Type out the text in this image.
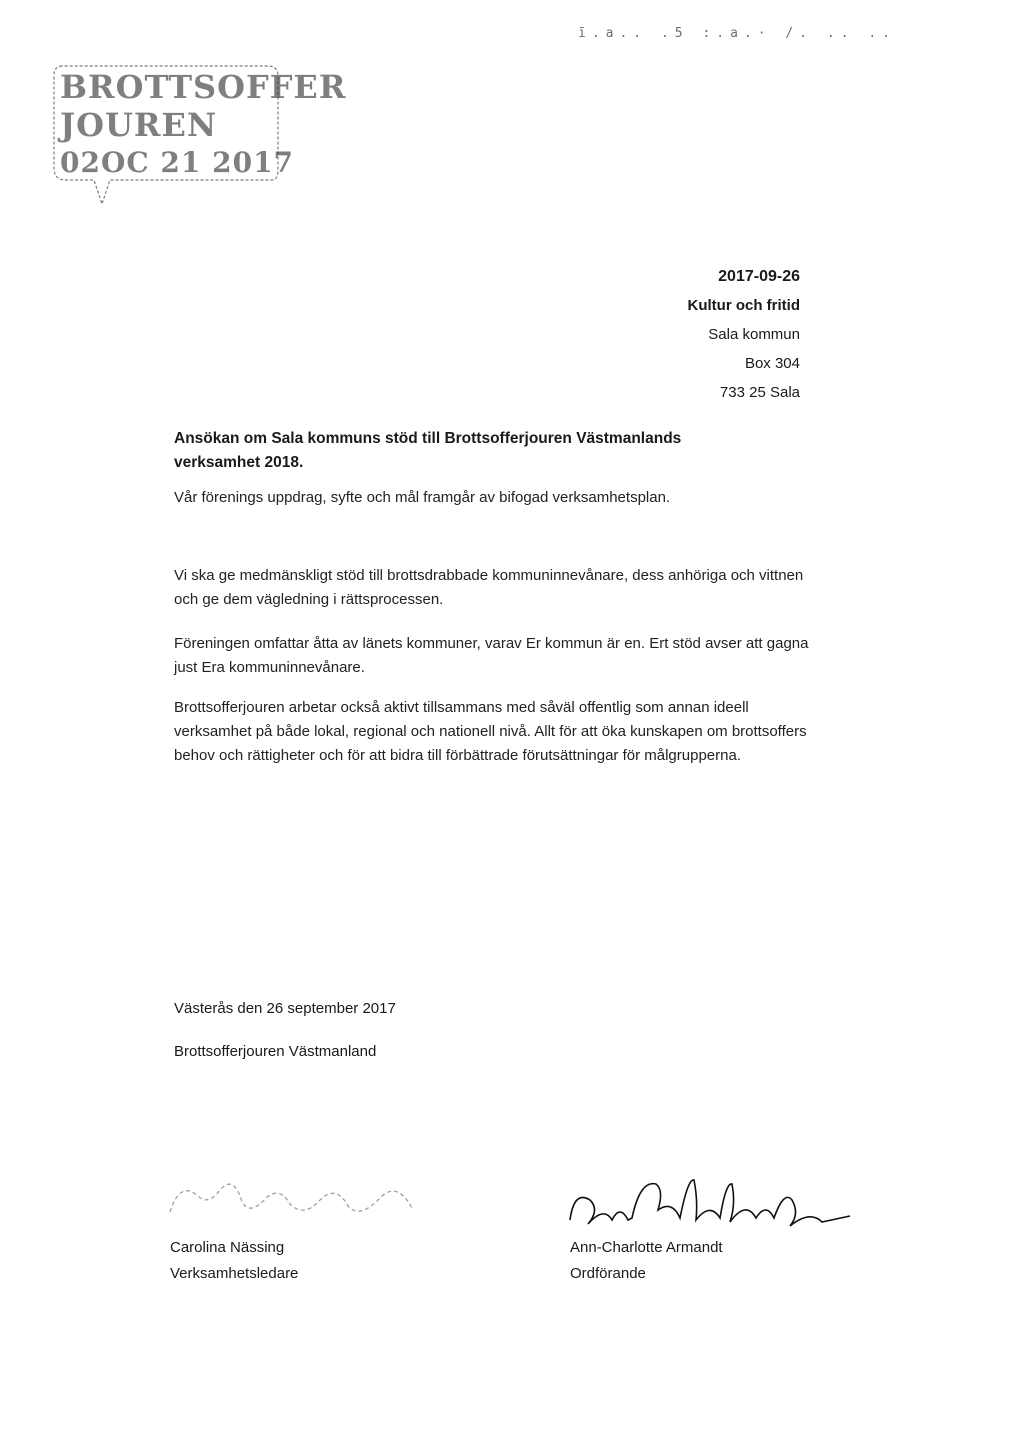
ī.a.. .5 :.a.· /. .. ..
BROTTSOFFER
JOUREN
02OC 21 2017
2017-09-26
Kultur och fritid
Sala kommun
Box 304
733 25 Sala
Ansökan om Sala kommuns stöd till Brottsofferjouren Västmanlands verksamhet 2018.
Vår förenings uppdrag, syfte och mål framgår av bifogad verksamhetsplan.
Vi ska ge medmänskligt stöd till brottsdrabbade kommuninnevånare, dess anhöriga och vittnen och ge dem vägledning i rättsprocessen.
Föreningen omfattar åtta av länets kommuner, varav Er kommun är en. Ert stöd avser att gagna just Era kommuninnevånare.
Brottsofferjouren arbetar också aktivt tillsammans med såväl offentlig som annan ideell verksamhet på både lokal, regional och nationell nivå. Allt för att öka kunskapen om brottsoffers behov och rättigheter och för att bidra till förbättrade förutsättningar för målgrupperna.
Västerås den 26 september 2017
Brottsofferjouren Västmanland
Carolina Nässing
Verksamhetsledare
Ann-Charlotte Armandt
Ordförande
